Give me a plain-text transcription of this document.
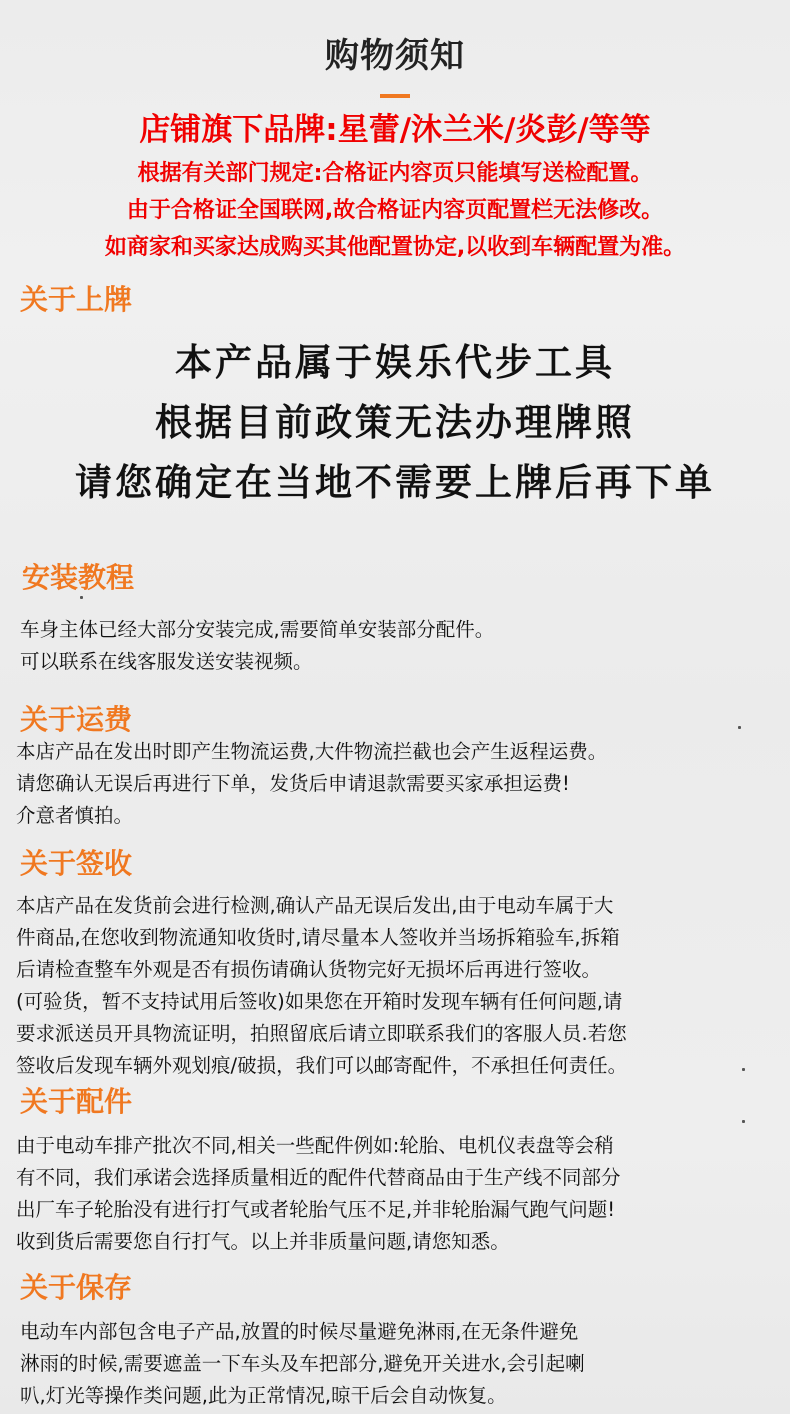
购物须知
店铺旗下品牌:星蕾/沐兰米/炎彭/等等
根据有关部门规定:合格证内容页只能填写送检配置。
由于合格证全国联网,故合格证内容页配置栏无法修改。
如商家和买家达成购买其他配置协定,以收到车辆配置为准。
关于上牌
本产品属于娱乐代步工具
根据目前政策无法办理牌照
请您确定在当地不需要上牌后再下单
安装教程
车身主体已经大部分安装完成,需要简单安装部分配件。
可以联系在线客服发送安装视频。
关于运费
本店产品在发出时即产生物流运费,大件物流拦截也会产生返程运费。
请您确认无误后再进行下单，发货后申请退款需要买家承担运费!
介意者慎拍。
关于签收
本店产品在发货前会进行检测,确认产品无误后发出,由于电动车属于大
件商品,在您收到物流通知收货时,请尽量本人签收并当场拆箱验车,拆箱
后请检查整车外观是否有损伤请确认货物完好无损坏后再进行签收。
(可验货，暂不支持试用后签收)如果您在开箱时发现车辆有任何问题,请
要求派送员开具物流证明，拍照留底后请立即联系我们的客服人员.若您
签收后发现车辆外观划痕/破损，我们可以邮寄配件，不承担任何责任。
关于配件
由于电动车排产批次不同,相关一些配件例如:轮胎、电机仪表盘等会稍
有不同，我们承诺会选择质量相近的配件代替商品由于生产线不同部分
出厂车子轮胎没有进行打气或者轮胎气压不足,并非轮胎漏气跑气问题!
收到货后需要您自行打气。以上并非质量问题,请您知悉。
关于保存
电动车内部包含电子产品,放置的时候尽量避免淋雨,在无条件避免
淋雨的时候,需要遮盖一下车头及车把部分,避免开关进水,会引起喇
叭,灯光等操作类问题,此为正常情况,晾干后会自动恢复。
